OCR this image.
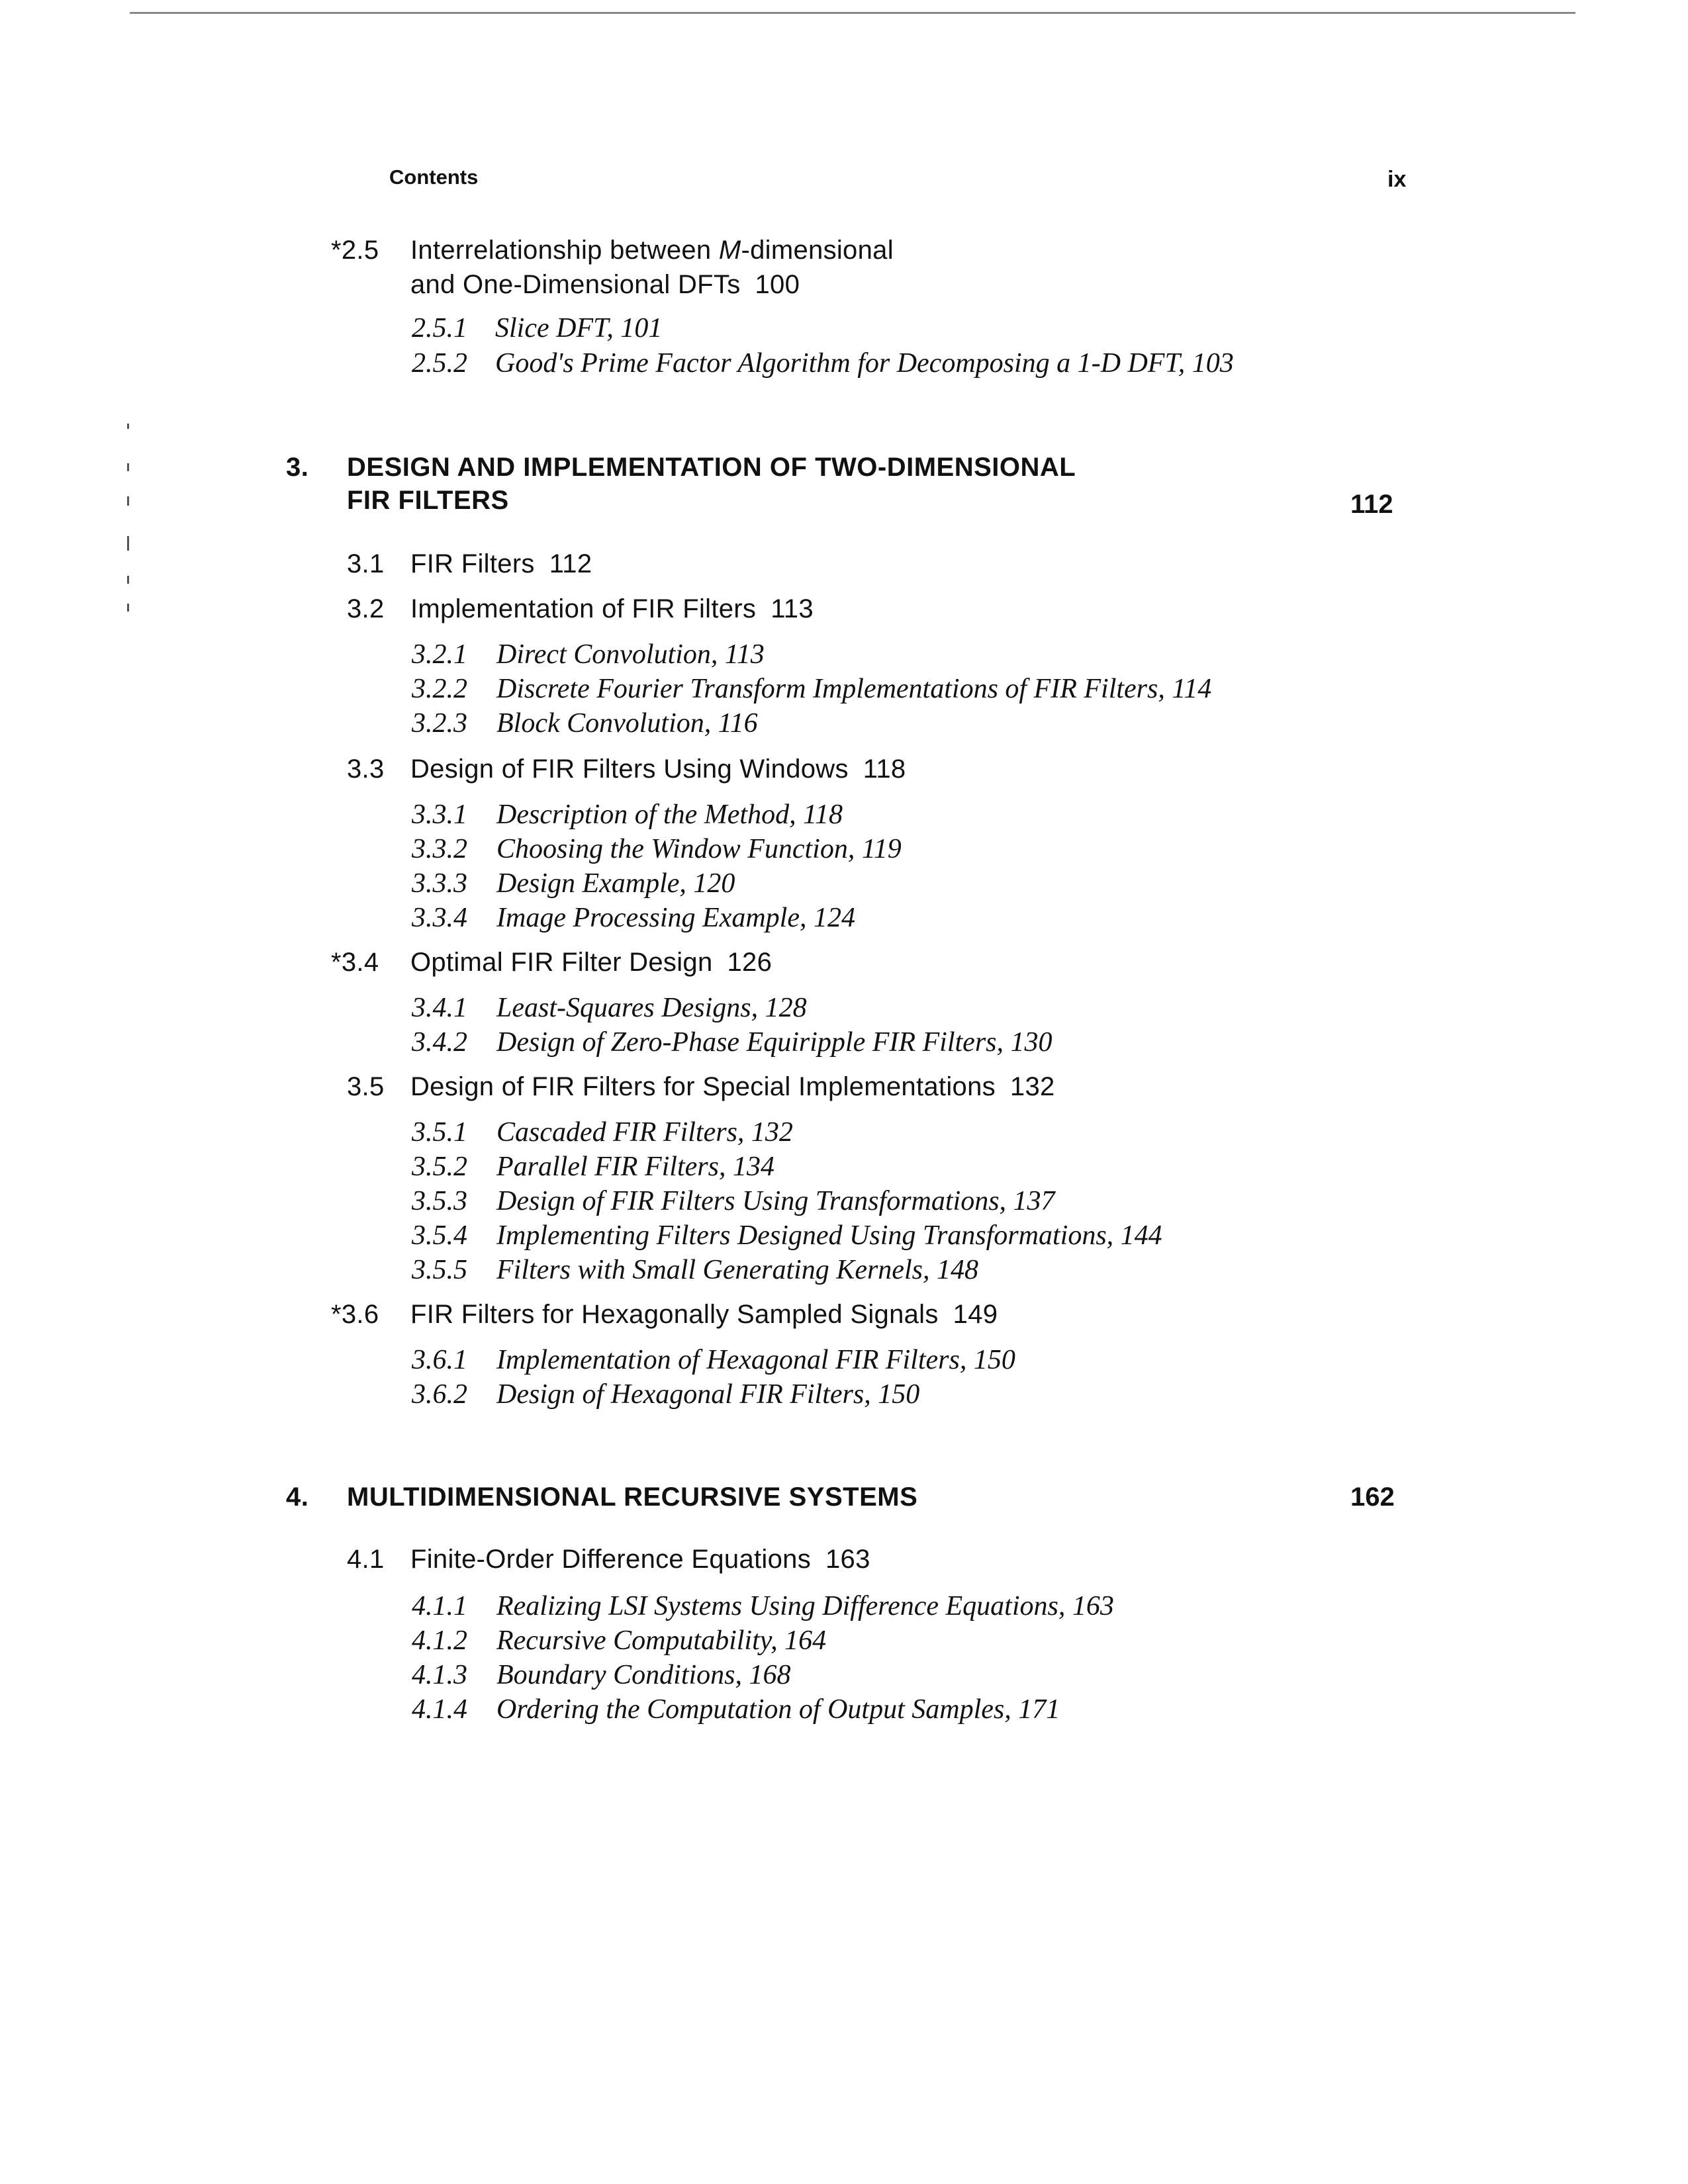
Contents	ix
*2.5 Interrelationship between M-dimensional
and One-Dimensional DFTs 100
2.5.1 Slice DFT, 101
2.5.2 Good's Prime Factor Algorithm for Decomposing a 1-D DFT, 103
3. DESIGN AND IMPLEMENTATION OF TWO-DIMENSIONAL
FIR FILTERS	112
3.1 FIR Filters 112
3.2 Implementation of FIR Filters 113
3.2.1 Direct Convolution, 113
3.2.2 Discrete Fourier Transform Implementations of FIR Filters, 114
3.2.3 Block Convolution, 116
3.3 Design of FIR Filters Using Windows 118
3.3.1 Description of the Method, 118
3.3.2 Choosing the Window Function, 119
3.3.3 Design Example, 120
3.3.4 Image Processing Example, 124
*3.4 Optimal FIR Filter Design 126
3.4.1 Least-Squares Designs, 128
3.4.2 Design of Zero-Phase Equiripple FIR Filters, 130
3.5 Design of FIR Filters for Special Implementations 132
3.5.1 Cascaded FIR Filters, 132
3.5.2 Parallel FIR Filters, 134
3.5.3 Design of FIR Filters Using Transformations, 137
3.5.4 Implementing Filters Designed Using Transformations, 144
3.5.5 Filters with Small Generating Kernels, 148
*3.6 FIR Filters for Hexagonally Sampled Signals 149
3.6.1 Implementation of Hexagonal FIR Filters, 150
3.6.2 Design of Hexagonal FIR Filters, 150
4. MULTIDIMENSIONAL RECURSIVE SYSTEMS	162
4.1 Finite-Order Difference Equations 163
4.1.1 Realizing LSI Systems Using Difference Equations, 163
4.1.2 Recursive Computability, 164
4.1.3 Boundary Conditions, 168
4.1.4 Ordering the Computation of Output Samples, 171
